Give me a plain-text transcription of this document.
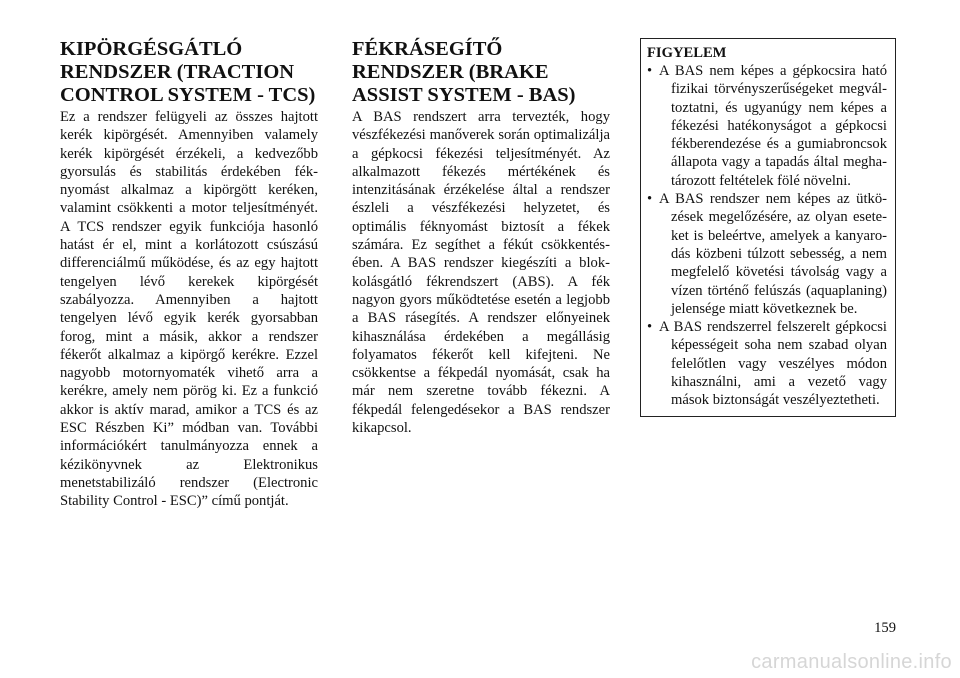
KIPÖRGÉSGÁTLÓ RENDSZER (TRACTION CONTROL SYSTEM - TCS)

Ez a rendszer felügyeli az összes hajtott kerék kipörgését. Amennyiben valamely kerék kipörgését érzékeli, a kedvezőbb gyorsulás és stabilitás érdekében féknyomást alkalmaz a kipörgött keréken, valamint csökkenti a motor teljesítményét. A TCS rendszer egyik funkciója hasonló hatást ér el, mint a korlátozott csúszású differenciálmű működése, és az egy hajtott tengelyen lévő kerekek kipörgését szabályozza. Amennyiben a hajtott tengelyen lévő egyik kerék gyorsabban forog, mint a másik, akkor a rendszer fékerőt alkalmaz a kipörgő kerékre. Ezzel nagyobb motornyomaték vihető arra a kerékre, amely nem pörög ki. Ez a funkció akkor is aktív marad, amikor a TCS és az ESC Részben Ki” módban van. További információkért tanulmányozza ennek a kézikönyvnek az Elektronikus menetstabilizáló rendszer (Electronic Stability Control - ESC)” című pontját.

FÉKRÁSEGÍTŐ RENDSZER (BRAKE ASSIST SYSTEM - BAS)

A BAS rendszert arra tervezték, hogy vészfékezési manőverek során optimalizálja a gépkocsi fékezési teljesítményét. Az alkalmazott fékezés mértékének és intenzitásának érzékelése által a rendszer észleli a vészfékezési helyzetet, és optimális féknyomást biztosít a fékek számára. Ez segíthet a fékút csökkentésében. A BAS rendszer kiegészíti a blokkolásgátló fékrendszert (ABS). A fék nagyon gyors működtetése esetén a legjobb a BAS rásegítés. A rendszer előnyeinek kihasználása érdekében a megállásig folyamatos fékerőt kell kifejteni. Ne csökkentse a fékpedál nyomását, csak ha már nem szeretne tovább fékezni. A fékpedál felengedésekor a BAS rendszer kikapcsol.

FIGYELEM

• A BAS nem képes a gépkocsira ható fizikai törvényszerűségeket megváltoztatni, és ugyanúgy nem képes a fékezési hatékonyságot a gépkocsi fékberendezése és a gumiabroncsok állapota vagy a tapadás által meghatározott feltételek fölé növelni.
• A BAS rendszer nem képes az ütközések megelőzésére, az olyan eseteket is beleértve, amelyek a kanyarodás közbeni túlzott sebesség, a nem megfelelő követési távolság vagy a vízen történő felúszás (aquaplaning) jelensége miatt következnek be.
• A BAS rendszerrel felszerelt gépkocsi képességeit soha nem szabad olyan felelőtlen vagy veszélyes módon kihasználni, ami a vezető vagy mások biztonságát veszélyeztetheti.
159
carmanualsonline.info
